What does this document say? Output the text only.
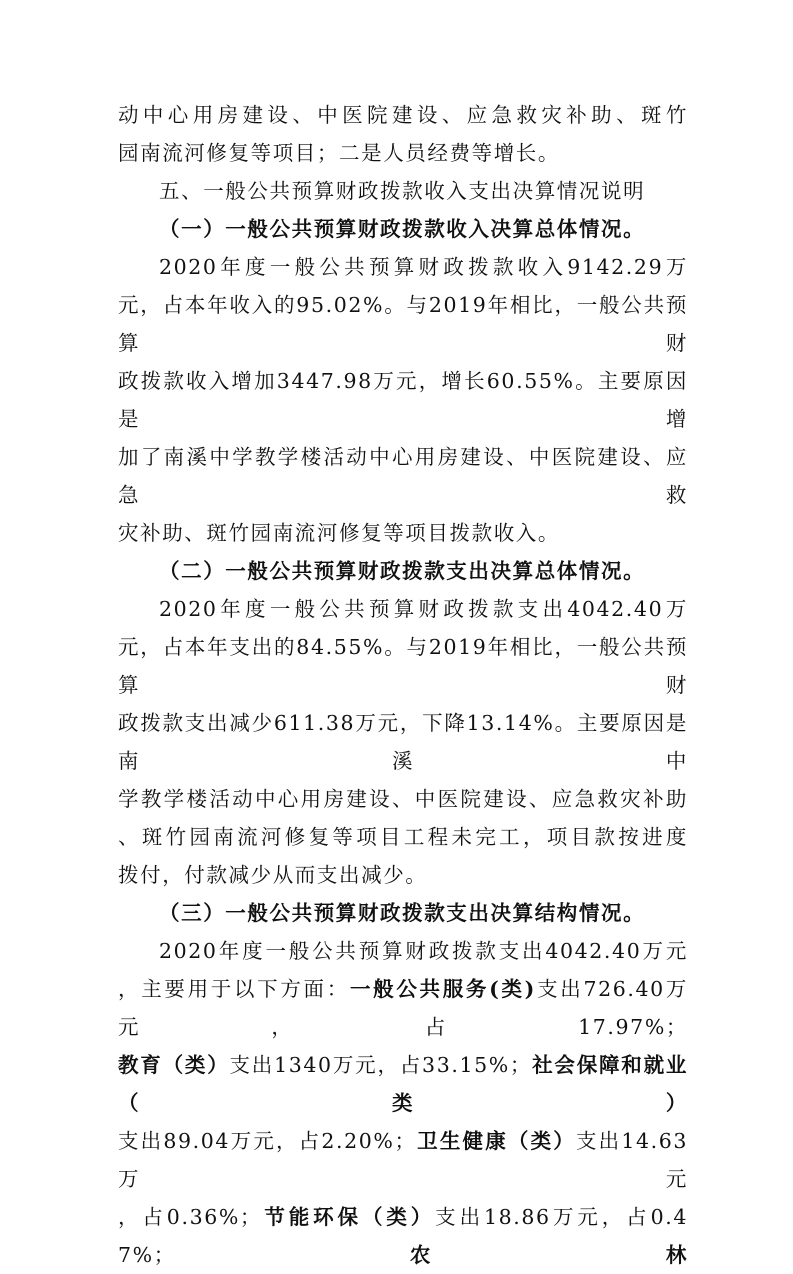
动中心用房建设、中医院建设、应急救灾补助、斑竹
园南流河修复等项目；二是人员经费等增长。

五、一般公共预算财政拨款收入支出决算情况说明

（一）一般公共预算财政拨款收入决算总体情况。

2020年度一般公共预算财政拨款收入9142.29万
元，占本年收入的95.02%。与2019年相比，一般公共预算财
政拨款收入增加3447.98万元，增长60.55%。主要原因是增
加了南溪中学教学楼活动中心用房建设、中医院建设、应急救
灾补助、斑竹园南流河修复等项目拨款收入。

（二）一般公共预算财政拨款支出决算总体情况。

2020年度一般公共预算财政拨款支出4042.40万
元，占本年支出的84.55%。与2019年相比，一般公共预算财
政拨款支出减少611.38万元，下降13.14%。主要原因是南溪中
学教学楼活动中心用房建设、中医院建设、应急救灾补助
、斑竹园南流河修复等项目工程未完工，项目款按进度
拨付，付款减少从而支出减少。

（三）一般公共预算财政拨款支出决算结构情况。

2020年度一般公共预算财政拨款支出4042.40万元
，主要用于以下方面：一般公共服务(类)支出726.40万元，占17.97%；
教育（类）支出1340万元，占33.15%；社会保障和就业（类）
支出89.04万元，占2.20%；卫生健康（类）支出14.63万元
，占0.36%；节能环保（类）支出18.86万元，占0.47%；农林
